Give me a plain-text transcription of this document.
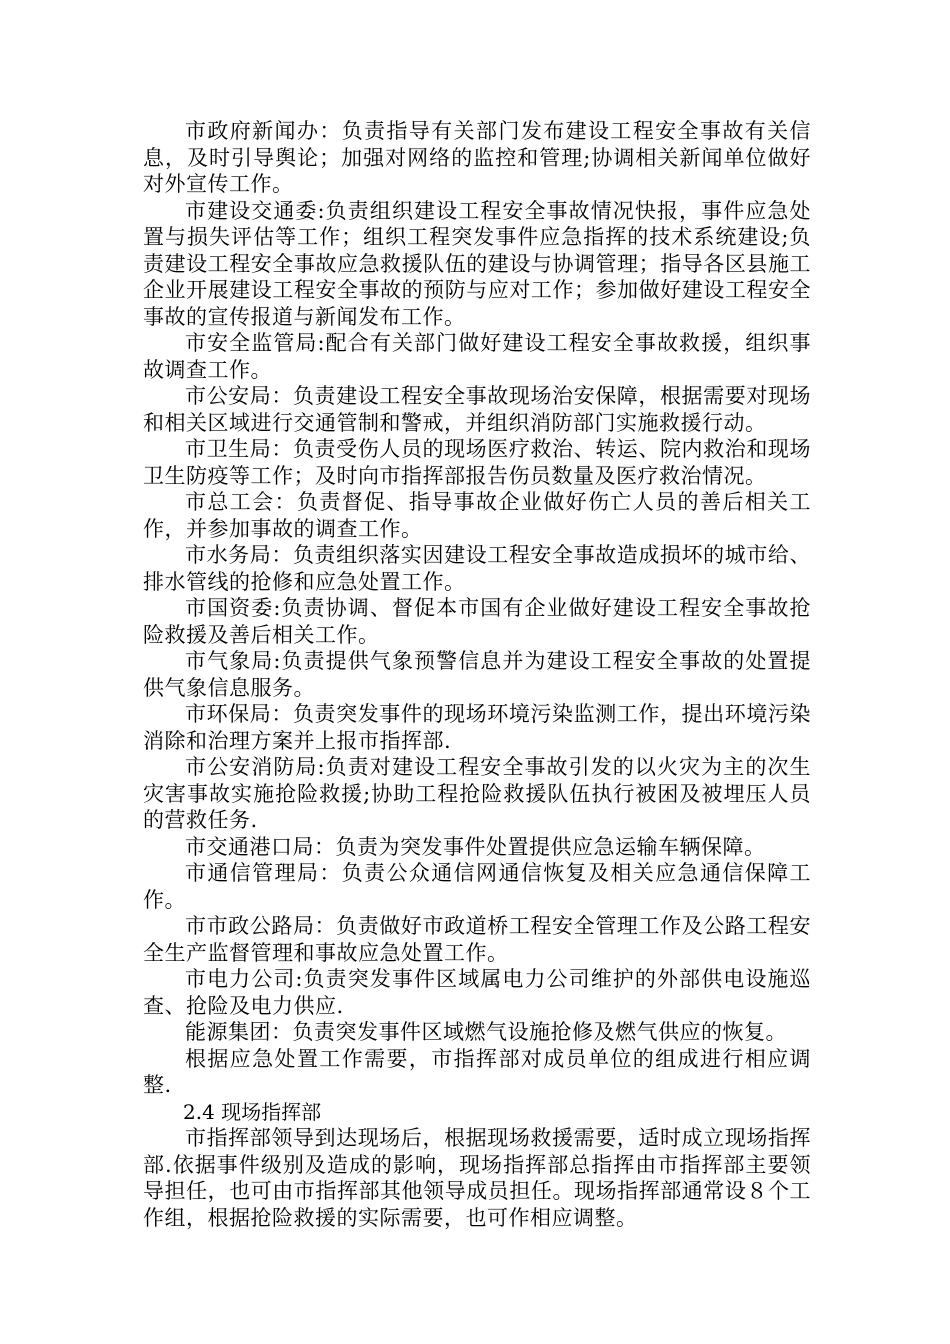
市政府新闻办：负责指导有关部门发布建设工程安全事故有关信息，及时引导舆论；加强对网络的监控和管理;协调相关新闻单位做好对外宣传工作。

市建设交通委:负责组织建设工程安全事故情况快报，事件应急处置与损失评估等工作；组织工程突发事件应急指挥的技术系统建设;负责建设工程安全事故应急救援队伍的建设与协调管理；指导各区县施工企业开展建设工程安全事故的预防与应对工作；参加做好建设工程安全事故的宣传报道与新闻发布工作。

市安全监管局:配合有关部门做好建设工程安全事故救援，组织事故调查工作。

市公安局：负责建设工程安全事故现场治安保障，根据需要对现场和相关区域进行交通管制和警戒，并组织消防部门实施救援行动。

市卫生局：负责受伤人员的现场医疗救治、转运、院内救治和现场卫生防疫等工作；及时向市指挥部报告伤员数量及医疗救治情况。

市总工会：负责督促、指导事故企业做好伤亡人员的善后相关工作，并参加事故的调查工作。

市水务局：负责组织落实因建设工程安全事故造成损坏的城市给、排水管线的抢修和应急处置工作。

市国资委:负责协调、督促本市国有企业做好建设工程安全事故抢险救援及善后相关工作。

市气象局:负责提供气象预警信息并为建设工程安全事故的处置提供气象信息服务。

市环保局：负责突发事件的现场环境污染监测工作，提出环境污染消除和治理方案并上报市指挥部.

市公安消防局:负责对建设工程安全事故引发的以火灾为主的次生灾害事故实施抢险救援;协助工程抢险救援队伍执行被困及被埋压人员的营救任务.

市交通港口局：负责为突发事件处置提供应急运输车辆保障。

市通信管理局：负责公众通信网通信恢复及相关应急通信保障工作。

市市政公路局：负责做好市政道桥工程安全管理工作及公路工程安全生产监督管理和事故应急处置工作。

市电力公司:负责突发事件区域属电力公司维护的外部供电设施巡查、抢险及电力供应.

能源集团：负责突发事件区域燃气设施抢修及燃气供应的恢复。

根据应急处置工作需要，市指挥部对成员单位的组成进行相应调整.

2.4 现场指挥部

市指挥部领导到达现场后，根据现场救援需要，适时成立现场指挥部.依据事件级别及造成的影响，现场指挥部总指挥由市指挥部主要领导担任，也可由市指挥部其他领导成员担任。现场指挥部通常设８个工作组，根据抢险救援的实际需要，也可作相应调整。
